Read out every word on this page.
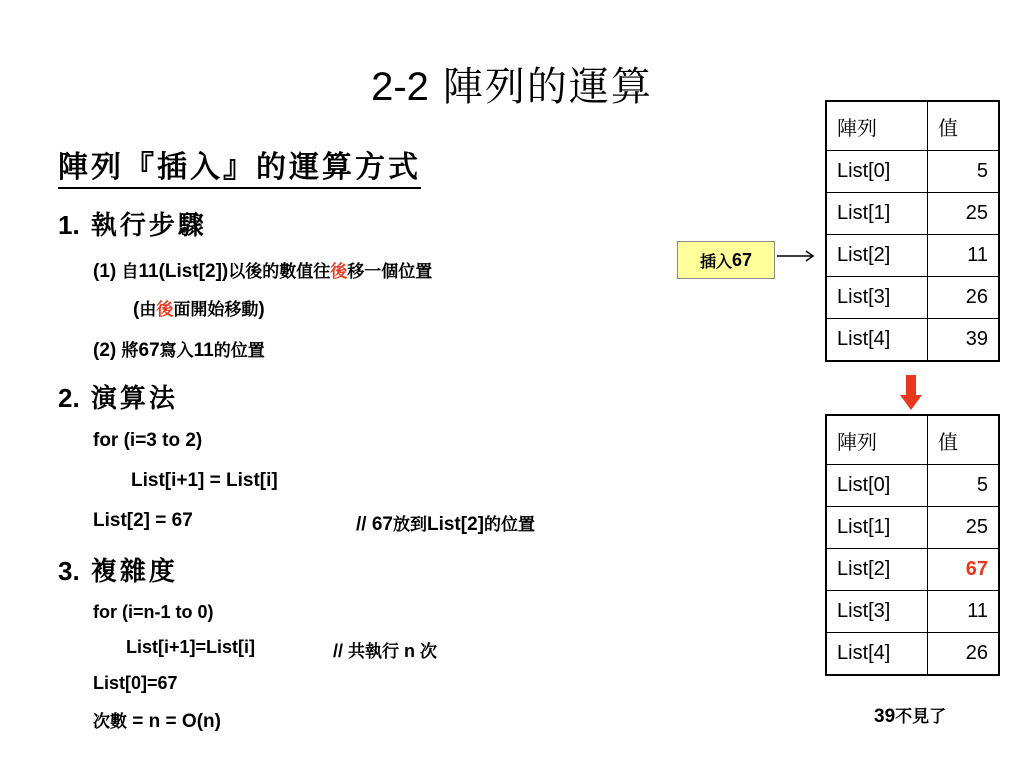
2-2 陣列的運算
陣列『插入』的運算方式
1. 執行步驟
(1) 自11(List[2])以後的數值往後移一個位置
(由後面開始移動)
(2) 將67寫入11的位置
2. 演算法
for (i=3 to 2)
List[i+1] = List[i]
List[2] = 67	// 67放到List[2]的位置
3. 複雜度
for (i=n-1 to 0)
List[i+1]=List[i]	// 共執行 n 次
List[0]=67
次數 = n = O(n)
陣列	值
List[0]	5
List[1]	25
List[2]	11
List[3]	26
List[4]	39
插入 67
陣列	值
List[0]	5
List[1]	25
List[2]	67
List[3]	11
List[4]	26
39不見了
